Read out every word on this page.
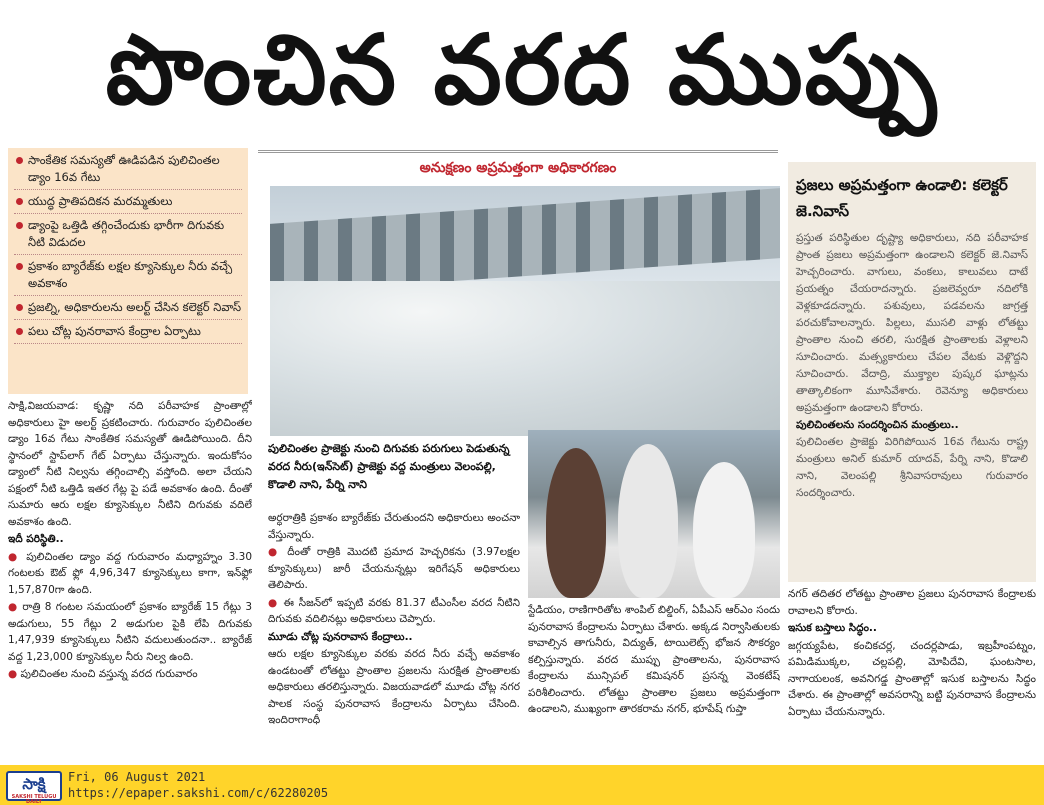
పొంచిన వరద ముప్పు
సాంకేతిక సమస్యతో ఊడిపడిన పులిచింతల డ్యాం 16వ గేటు
యుద్ధ ప్రాతిపదికన మరమ్మతులు
డ్యాంపై ఒత్తిడి తగ్గించేందుకు భారీగా దిగువకు నీటి విడుదల
ప్రకాశం బ్యారేజ్‌కు లక్షల క్యూసెక్కుల నీరు వచ్చే అవకాశం
ప్రజల్ని, అధికారులను అలర్ట్‌ చేసిన కలెక్టర్‌ నివాస్‌
పలు చోట్ల పునరావాస కేంద్రాల ఏర్పాటు

సాక్షి,విజయవాడ: కృష్ణా నది పరీవాహక ప్రాంతాల్లో అధికారులు హై అలర్ట్‌ ప్రకటించారు. గురువారం పులిచింతల డ్యాం 16వ గేటు సాంకేతిక సమస్యతో ఊడిపోయింది. దీని స్థానంలో స్టాప్‌లాగ్‌ గేట్‌ ఏర్పాటు చేస్తున్నారు. ఇందుకోసం డ్యాంలో నీటి నిల్వను తగ్గించాల్సి వస్తోంది. అలా చేయని పక్షంలో నీటి ఒత్తిడి ఇతర గేట్ల పై పడే అవకాశం ఉంది. దీంతో సుమారు ఆరు లక్షల క్యూసెక్కుల నీటిని దిగువకు వదిలే అవకాశం ఉంది.

ఇదీ పరిస్థితి..

● పులిచింతల డ్యాం వద్ద గురువారం మధ్యాహ్నం 3.30 గంటలకు ఔట్‌ ఫ్లో 4,96,347 క్యూసెక్కులు కాగా, ఇన్‌ఫ్లో 1,57,870గా ఉంది.

● రాత్రి 8 గంటల సమయంలో ప్రకాశం బ్యారేజ్‌ 15 గేట్లు 3 అడుగులు, 55 గేట్లు 2 అడుగుల పైకి లేపి దిగువకు 1,47,939 క్యూసెక్కులు నీటిని వదులుతుందనా.. బ్యారేజ్‌ వద్ద 1,23,000 క్యూసెక్కుల నీరు నిల్వ ఉంది.

● పులిచింతల నుంచి వస్తున్న వరద గురువారం

అనుక్షణం అప్రమత్తంగా అధికారగణం
పులిచింతల ప్రాజెక్టు నుంచి దిగువకు పరుగులు పెడుతున్న వరద నీరు(ఇన్‌సెట్‌) ప్రాజెక్టు వద్ద మంత్రులు వెలంపల్లి, కొడాలి నాని, పేర్ని నాని

అర్ధరాత్రికి ప్రకాశం బ్యారేజ్‌కు చేరుతుందని అధికారులు అంచనా వేస్తున్నారు.

● దీంతో రాత్రికి మొదటి ప్రమాద హెచ్చరికను (3.97లక్షల క్యూసెక్కులు) జారీ చేయనున్నట్లు ఇరిగేషన్‌ అధికారులు తెలిపారు.

● ఈ సీజన్‌లో ఇప్పటి వరకు 81.37 టీఎంసీల వరద నీటిని దిగువకు వదిలినట్లు అధికారులు చెప్పారు.

మూడు చోట్ల పునరావాస కేంద్రాలు..

ఆరు లక్షల క్యూసెక్కుల వరకు వరద నీరు వచ్చే అవకాశం ఉండటంతో లోతట్టు ప్రాంతాల ప్రజలను సురక్షిత ప్రాంతాలకు అధికారులు తరలిస్తున్నారు. విజయవాడలో మూడు చోట్ల నగర పాలక సంస్థ పునరావాస కేంద్రాలను ఏర్పాటు చేసింది. ఇందిరాగాంధీ

స్టేడియం, రాణిగారితోట శాంపిల్‌ బిల్డింగ్‌, ఏపీఎస్‌ ఆర్‌ఎం సందు పునరావాస కేంద్రాలను ఏర్పాటు చేశారు. అక్కడ నిర్వాసితులకు కావాల్సిన తాగునీరు, విద్యుత్‌, టాయిలెట్స్‌ భోజన సౌకర్యం కల్పిస్తున్నారు. వరద ముప్పు ప్రాంతాలను, పునరావాస కేంద్రాలను మున్సిపల్‌ కమిషనర్‌ ప్రసన్న వెంకటేష్‌ పరిశీలించారు. లోతట్టు ప్రాంతాల ప్రజలు అప్రమత్తంగా ఉండాలని, ముఖ్యంగా తారకరామ నగర్‌, భూపేష్‌ గుప్తా

ప్రజలు అప్రమత్తంగా ఉండాలి: కలెక్టర్‌ జె.నివాస్‌

ప్రస్తుత పరిస్థితుల దృష్ట్యా అధికారులు, నది పరీవాహక ప్రాంత ప్రజలు అప్రమత్తంగా ఉండాలని కలెక్టర్‌ జె.నివాస్‌ హెచ్చరించారు. వాగులు, వంకలు, కాలువలు దాటే ప్రయత్నం చేయరాదన్నారు. ప్రజలెవ్వరూ నదిలోకి వెళ్లకూడదన్నారు. పశువులు, పడవలను జాగ్రత్త పరచుకోవాలన్నారు. పిల్లలు, ముసలి వాళ్లు లోతట్టు ప్రాంతాల నుంచి తరలి, సురక్షిత ప్రాంతాలకు వెళ్లాలని సూచించారు. మత్స్యకారులు చేపల వేటకు వెళ్లొద్దని సూచించారు. వేదాద్రి, ముక్త్యాల పుష్కర ఘాట్లను తాత్కాలికంగా మూసివేశారు. రెవెన్యూ అధికారులు అప్రమత్తంగా ఉండాలని కోరారు.

పులిచింతలను సందర్శించిన మంత్రులు..

పులిచింతల ప్రాజెక్టు విరిగిపోయిన 16వ గేటును రాష్ట్ర మంత్రులు అనిల్‌ కుమార్‌ యాదవ్‌, పేర్ని నాని, కొడాలి నాని, వెలంపల్లి శ్రీనివాసరావులు గురువారం సందర్శించారు.

నగర్‌ తదితర లోతట్టు ప్రాంతాల ప్రజలు పునరావాస కేంద్రాలకు రావాలని కోరారు.

ఇసుక బస్తాలు సిద్ధం..

జగ్గయ్యపేట, కంచికచర్ల, చందర్లపాడు, ఇబ్రహీంపట్నం, పమిడిముక్కల, చల్లపల్లి, మోపిదేవి, ఘంటసాల, నాగాయలంక, అవనిగడ్డ ప్రాంతాల్లో ఇసుక బస్తాలను సిద్ధం చేశారు. ఈ ప్రాంతాల్లో అవసరాన్ని బట్టి పునరావాస కేంద్రాలను ఏర్పాటు చేయనున్నారు.

సాక్షి
SAKSHI TELUGU DAILY
Fri, 06 August 2021
https://epaper.sakshi.com/c/62280205
